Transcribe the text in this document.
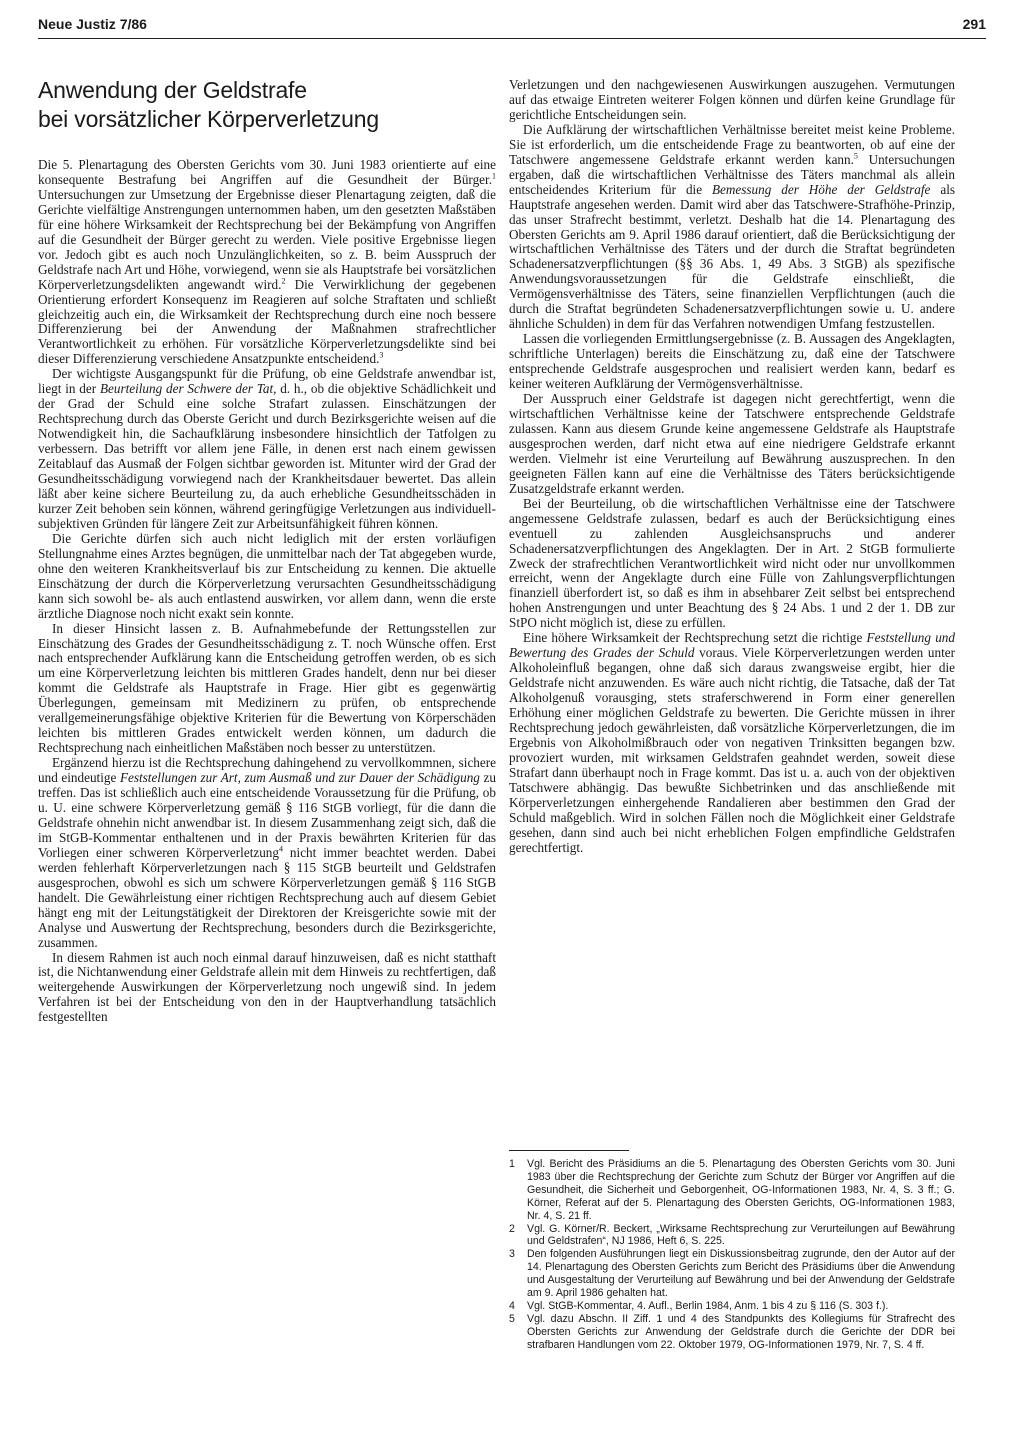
Neue Justiz 7/86	291
Anwendung der Geldstrafe
bei vorsätzlicher Körperverletzung

Die 5. Plenartagung des Obersten Gerichts vom 30. Juni 1983 orientierte auf eine konsequente Bestrafung bei Angriffen auf die Gesundheit der Bürger.$^1$ Untersuchungen zur Umsetzung der Ergebnisse dieser Plenartagung zeigten, daß die Gerichte vielfältige Anstrengungen unternommen haben, um den gesetzten Maßstäben für eine höhere Wirksamkeit der Rechtsprechung bei der Bekämpfung von Angriffen auf die Gesundheit der Bürger gerecht zu werden. Viele positive Ergebnisse liegen vor. Jedoch gibt es auch noch Unzulänglichkeiten, so z. B. beim Ausspruch der Geldstrafe nach Art und Höhe, vorwiegend, wenn sie als Hauptstrafe bei vorsätzlichen Körperverletzungsdelikten angewandt wird.$^2$ Die Verwirklichung der gegebenen Orientierung erfordert Konsequenz im Reagieren auf solche Straftaten und schließt gleichzeitig auch ein, die Wirksamkeit der Rechtsprechung durch eine noch bessere Differenzierung bei der Anwendung der Maßnahmen strafrechtlicher Verantwortlichkeit zu erhöhen. Für vorsätzliche Körperverletzungsdelikte sind bei dieser Differenzierung verschiedene Ansatzpunkte entscheidend.$^3$

Der wichtigste Ausgangspunkt für die Prüfung, ob eine Geldstrafe anwendbar ist, liegt in der Beurteilung der Schwere der Tat, d. h., ob die objektive Schädlichkeit und der Grad der Schuld eine solche Strafart zulassen. Einschätzungen der Rechtsprechung durch das Oberste Gericht und durch Bezirksgerichte weisen auf die Notwendigkeit hin, die Sachaufklärung insbesondere hinsichtlich der Tatfolgen zu verbessern. Das betrifft vor allem jene Fälle, in denen erst nach einem gewissen Zeitablauf das Ausmaß der Folgen sichtbar geworden ist. Mitunter wird der Grad der Gesundheitsschädigung vorwiegend nach der Krankheitsdauer bewertet. Das allein läßt aber keine sichere Beurteilung zu, da auch erhebliche Gesundheitsschäden in kurzer Zeit behoben sein können, während geringfügige Verletzungen aus individuell-subjektiven Gründen für längere Zeit zur Arbeitsunfähigkeit führen können.

Die Gerichte dürfen sich auch nicht lediglich mit der ersten vorläufigen Stellungnahme eines Arztes begnügen, die unmittelbar nach der Tat abgegeben wurde, ohne den weiteren Krankheitsverlauf bis zur Entscheidung zu kennen. Die aktuelle Einschätzung der durch die Körperverletzung verursachten Gesundheitsschädigung kann sich sowohl be- als auch entlastend auswirken, vor allem dann, wenn die erste ärztliche Diagnose noch nicht exakt sein konnte.

In dieser Hinsicht lassen z. B. Aufnahmebefunde der Rettungsstellen zur Einschätzung des Grades der Gesundheitsschädigung z. T. noch Wünsche offen. Erst nach entsprechender Aufklärung kann die Entscheidung getroffen werden, ob es sich um eine Körperverletzung leichten bis mittleren Grades handelt, denn nur bei dieser kommt die Geldstrafe als Hauptstrafe in Frage. Hier gibt es gegenwärtig Überlegungen, gemeinsam mit Medizinern zu prüfen, ob entsprechende verallgemeinerungsfähige objektive Kriterien für die Bewertung von Körperschäden leichten bis mittleren Grades entwickelt werden können, um dadurch die Rechtsprechung nach einheitlichen Maßstäben noch besser zu unterstützen.

Ergänzend hierzu ist die Rechtsprechung dahingehend zu vervollkommnen, sichere und eindeutige Feststellungen zur Art, zum Ausmaß und zur Dauer der Schädigung zu treffen. Das ist schließlich auch eine entscheidende Voraussetzung für die Prüfung, ob u. U. eine schwere Körperverletzung gemäß § 116 StGB vorliegt, für die dann die Geldstrafe ohnehin nicht anwendbar ist. In diesem Zusammenhang zeigt sich, daß die im StGB-Kommentar enthaltenen und in der Praxis bewährten Kriterien für das Vorliegen einer schweren Körperverletzung$^4$ nicht immer beachtet werden. Dabei werden fehlerhaft Körperverletzungen nach § 115 StGB beurteilt und Geldstrafen ausgesprochen, obwohl es sich um schwere Körperverletzungen gemäß § 116 StGB handelt. Die Gewährleistung einer richtigen Rechtsprechung auch auf diesem Gebiet hängt eng mit der Leitungstätigkeit der Direktoren der Kreisgerichte sowie mit der Analyse und Auswertung der Rechtsprechung, besonders durch die Bezirksgerichte, zusammen.

In diesem Rahmen ist auch noch einmal darauf hinzuweisen, daß es nicht statthaft ist, die Nichtanwendung einer Geldstrafe allein mit dem Hinweis zu rechtfertigen, daß weitergehende Auswirkungen der Körperverletzung noch ungewiß sind. In jedem Verfahren ist bei der Entscheidung von den in der Hauptverhandlung tatsächlich festgestellten

Verletzungen und den nachgewiesenen Auswirkungen auszugehen. Vermutungen auf das etwaige Eintreten weiterer Folgen können und dürfen keine Grundlage für gerichtliche Entscheidungen sein.

Die Aufklärung der wirtschaftlichen Verhältnisse bereitet meist keine Probleme. Sie ist erforderlich, um die entscheidende Frage zu beantworten, ob auf eine der Tatschwere angemessene Geldstrafe erkannt werden kann.$^5$ Untersuchungen ergaben, daß die wirtschaftlichen Verhältnisse des Täters manchmal als allein entscheidendes Kriterium für die Bemessung der Höhe der Geldstrafe als Hauptstrafe angesehen werden. Damit wird aber das Tatschwere-Strafhöhe-Prinzip, das unser Strafrecht bestimmt, verletzt. Deshalb hat die 14. Plenartagung des Obersten Gerichts am 9. April 1986 darauf orientiert, daß die Berücksichtigung der wirtschaftlichen Verhältnisse des Täters und der durch die Straftat begründeten Schadenersatzverpflichtungen (§§ 36 Abs. 1, 49 Abs. 3 StGB) als spezifische Anwendungsvoraussetzungen für die Geldstrafe einschließt, die Vermögensverhältnisse des Täters, seine finanziellen Verpflichtungen (auch die durch die Straftat begründeten Schadenersatzverpflichtungen sowie u. U. andere ähnliche Schulden) in dem für das Verfahren notwendigen Umfang festzustellen.

Lassen die vorliegenden Ermittlungsergebnisse (z. B. Aussagen des Angeklagten, schriftliche Unterlagen) bereits die Einschätzung zu, daß eine der Tatschwere entsprechende Geldstrafe ausgesprochen und realisiert werden kann, bedarf es keiner weiteren Aufklärung der Vermögensverhältnisse.

Der Ausspruch einer Geldstrafe ist dagegen nicht gerechtfertigt, wenn die wirtschaftlichen Verhältnisse keine der Tatschwere entsprechende Geldstrafe zulassen. Kann aus diesem Grunde keine angemessene Geldstrafe als Hauptstrafe ausgesprochen werden, darf nicht etwa auf eine niedrigere Geldstrafe erkannt werden. Vielmehr ist eine Verurteilung auf Bewährung auszusprechen. In den geeigneten Fällen kann auf eine die Verhältnisse des Täters berücksichtigende Zusatzgeldstrafe erkannt werden.

Bei der Beurteilung, ob die wirtschaftlichen Verhältnisse eine der Tatschwere angemessene Geldstrafe zulassen, bedarf es auch der Berücksichtigung eines eventuell zu zahlenden Ausgleichsanspruchs und anderer Schadenersatzverpflichtungen des Angeklagten. Der in Art. 2 StGB formulierte Zweck der strafrechtlichen Verantwortlichkeit wird nicht oder nur unvollkommen erreicht, wenn der Angeklagte durch eine Fülle von Zahlungsverpflichtungen finanziell überfordert ist, so daß es ihm in absehbarer Zeit selbst bei entsprechend hohen Anstrengungen und unter Beachtung des § 24 Abs. 1 und 2 der 1. DB zur StPO nicht möglich ist, diese zu erfüllen.

Eine höhere Wirksamkeit der Rechtsprechung setzt die richtige Feststellung und Bewertung des Grades der Schuld voraus. Viele Körperverletzungen werden unter Alkoholeinfluß begangen, ohne daß sich daraus zwangsweise ergibt, hier die Geldstrafe nicht anzuwenden. Es wäre auch nicht richtig, die Tatsache, daß der Tat Alkoholgenuß vorausging, stets straferschwerend in Form einer generellen Erhöhung einer möglichen Geldstrafe zu bewerten. Die Gerichte müssen in ihrer Rechtsprechung jedoch gewährleisten, daß vorsätzliche Körperverletzungen, die im Ergebnis von Alkoholmißbrauch oder von negativen Trinksitten begangen bzw. provoziert wurden, mit wirksamen Geldstrafen geahndet werden, soweit diese Strafart dann überhaupt noch in Frage kommt. Das ist u. a. auch von der objektiven Tatschwere abhängig. Das bewußte Sichbetrinken und das anschließende mit Körperverletzungen einhergehende Randalieren aber bestimmen den Grad der Schuld maßgeblich. Wird in solchen Fällen noch die Möglichkeit einer Geldstrafe gesehen, dann sind auch bei nicht erheblichen Folgen empfindliche Geldstrafen gerechtfertigt.

1 Vgl. Bericht des Präsidiums an die 5. Plenartagung des Obersten Gerichts vom 30. Juni 1983 über die Rechtsprechung der Gerichte zum Schutz der Bürger vor Angriffen auf die Gesundheit, die Sicherheit und Geborgenheit, OG-Informationen 1983, Nr. 4, S. 3 ff.; G. Körner, Referat auf der 5. Plenartagung des Obersten Gerichts, OG-Informationen 1983, Nr. 4, S. 21 ff.
2 Vgl. G. Körner/R. Beckert, „Wirksame Rechtsprechung zur Verurteilungen auf Bewährung und Geldstrafen“, NJ 1986, Heft 6, S. 225.
3 Den folgenden Ausführungen liegt ein Diskussionsbeitrag zugrunde, den der Autor auf der 14. Plenartagung des Obersten Gerichts zum Bericht des Präsidiums über die Anwendung und Ausgestaltung der Verurteilung auf Bewährung und bei der Anwendung der Geldstrafe am 9. April 1986 gehalten hat.
4 Vgl. StGB-Kommentar, 4. Aufl., Berlin 1984, Anm. 1 bis 4 zu § 116 (S. 303 f.).
5 Vgl. dazu Abschn. II Ziff. 1 und 4 des Standpunkts des Kollegiums für Strafrecht des Obersten Gerichts zur Anwendung der Geldstrafe durch die Gerichte der DDR bei strafbaren Handlungen vom 22. Oktober 1979, OG-Informationen 1979, Nr. 7, S. 4 ff.
